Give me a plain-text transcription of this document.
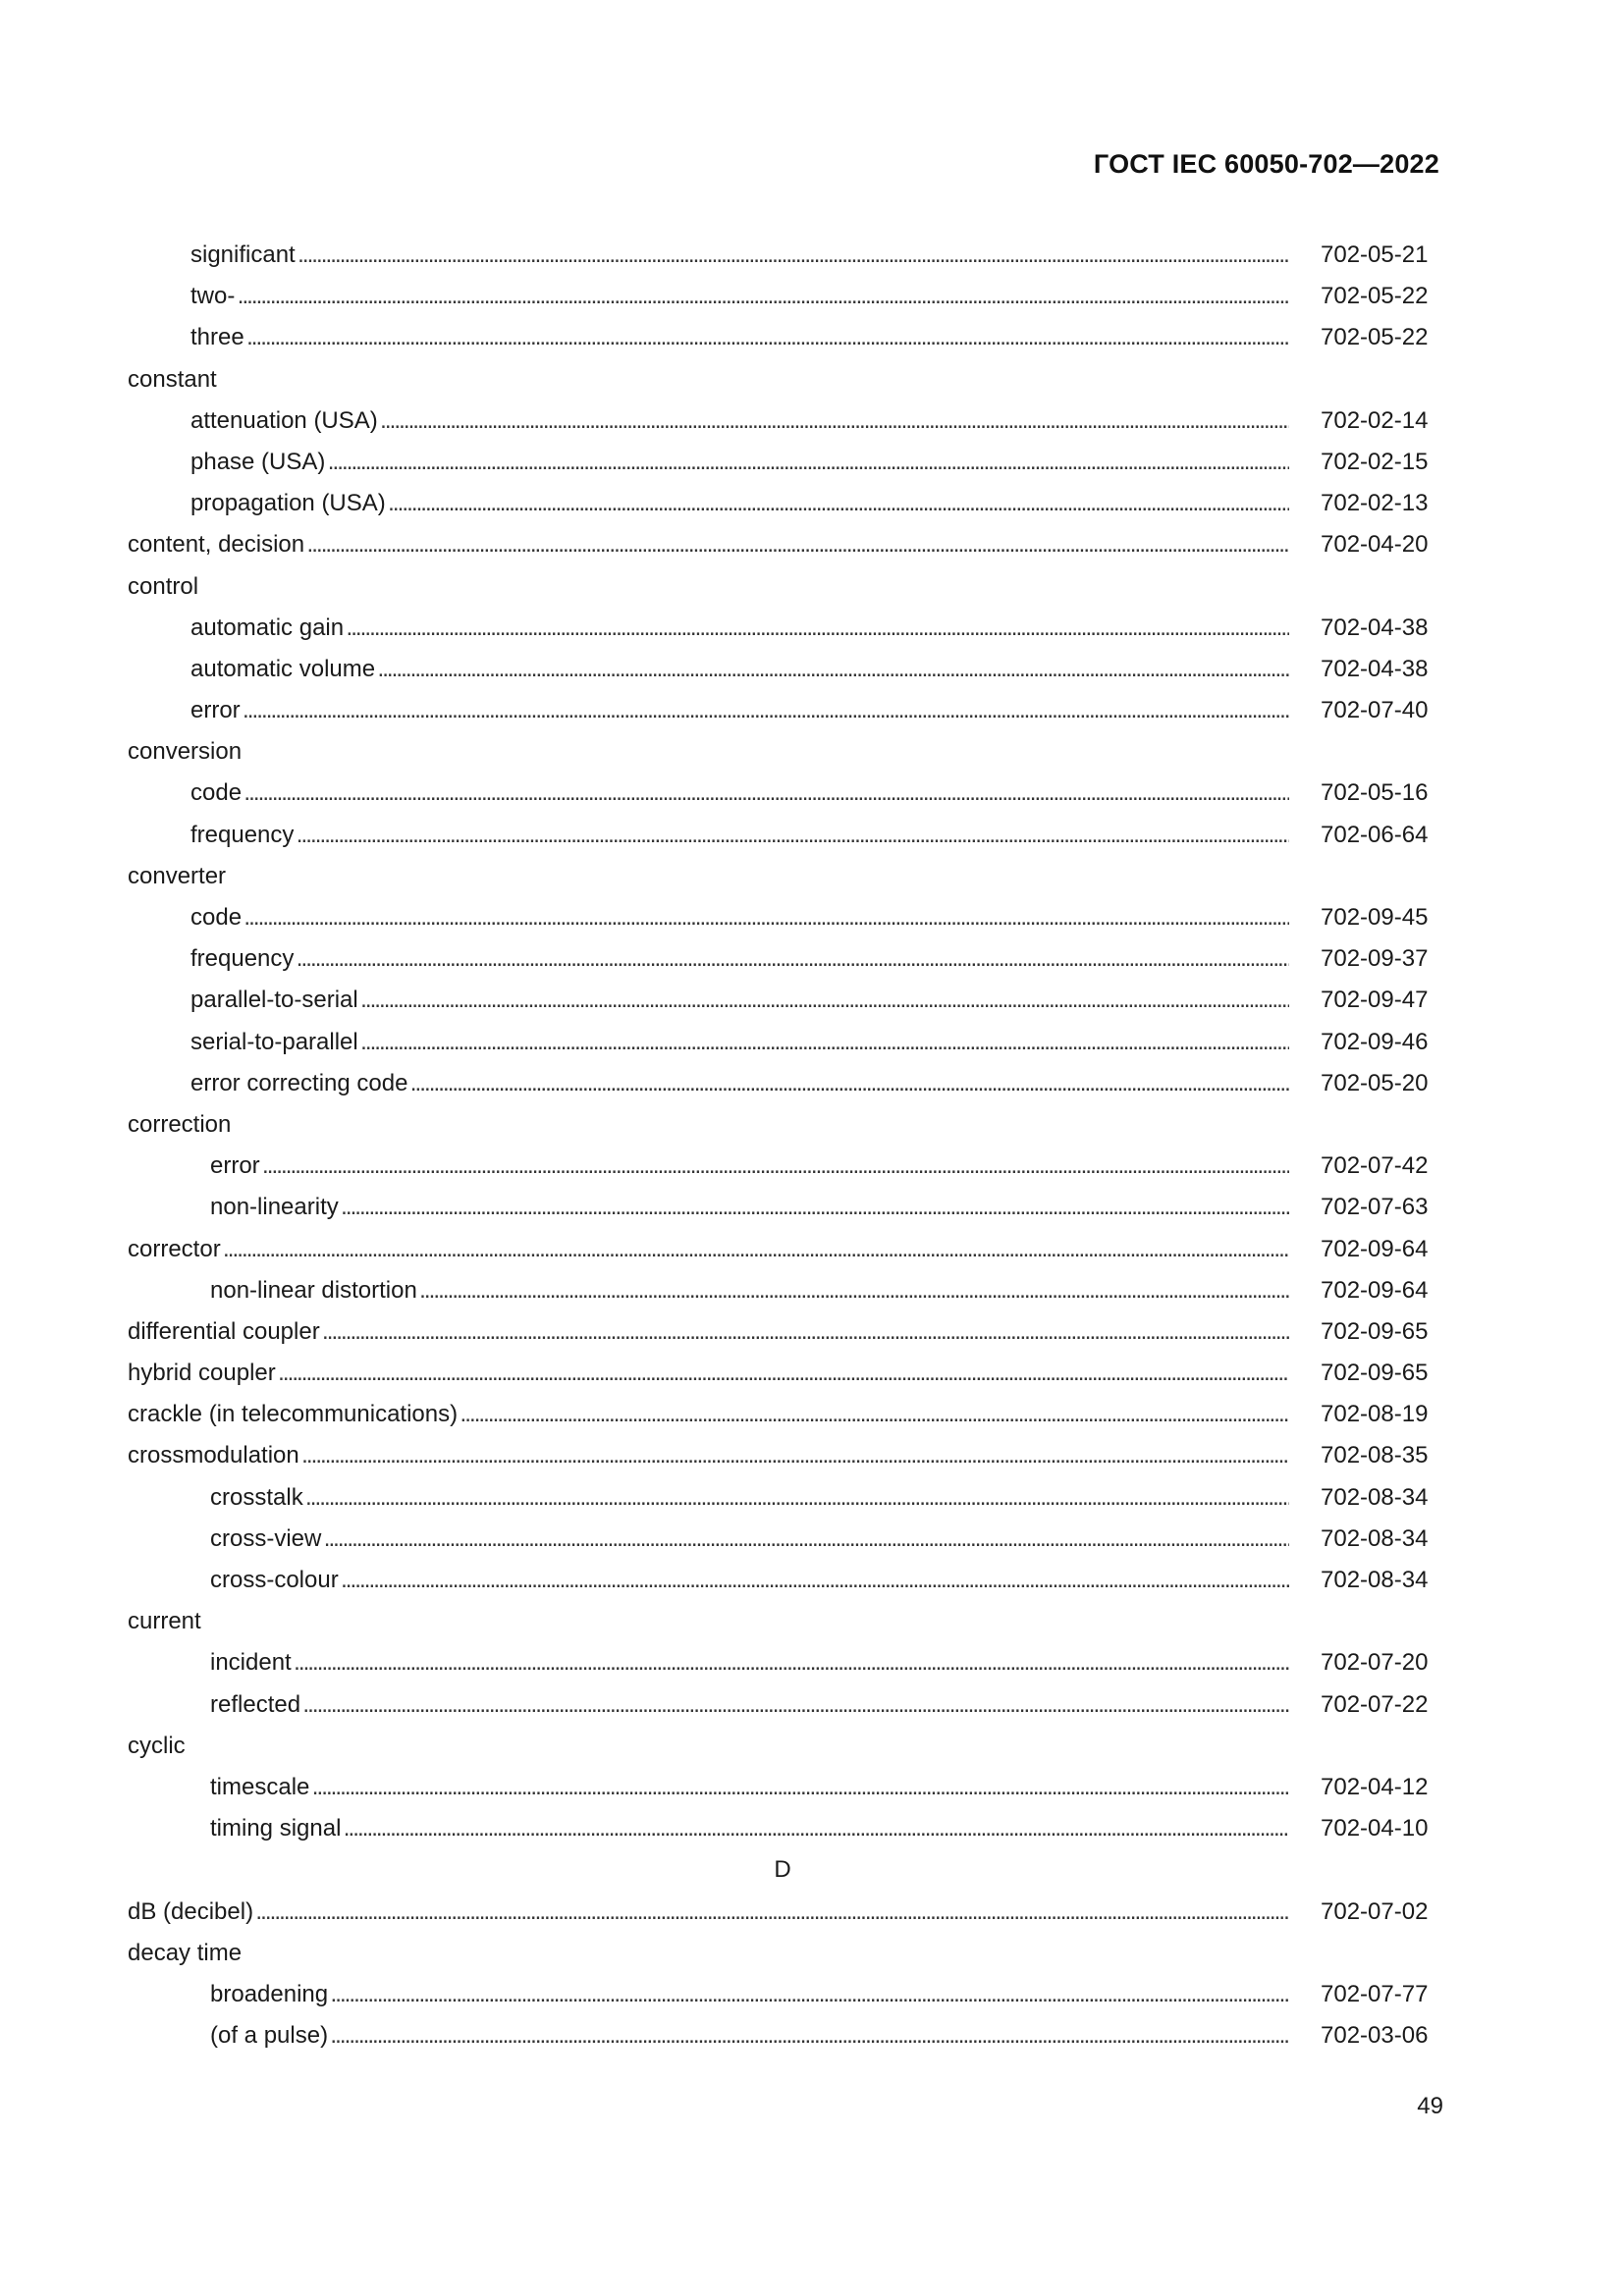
ГОСТ IEC 60050-702—2022
significant . . .	702-05-21
two- . . .	702-05-22
three . . .	702-05-22
constant
attenuation (USA) . . .	702-02-14
phase (USA) . . .	702-02-15
propagation (USA) . . .	702-02-13
content, decision . . .	702-04-20
control
automatic gain . . .	702-04-38
automatic volume . . .	702-04-38
error . . .	702-07-40
conversion
code . . .	702-05-16
frequency . . .	702-06-64
converter
code . . .	702-09-45
frequency . . .	702-09-37
parallel-to-serial . . .	702-09-47
serial-to-parallel . . .	702-09-46
error correcting code . . .	702-05-20
correction
error . . .	702-07-42
non-linearity . . .	702-07-63
corrector . . .	702-09-64
non-linear distortion . . .	702-09-64
differential coupler . . .	702-09-65
hybrid coupler . . .	702-09-65
crackle (in telecommunications) . . .	702-08-19
crossmodulation . . .	702-08-35
crosstalk . . .	702-08-34
cross-view . . .	702-08-34
cross-colour . . .	702-08-34
current
incident . . .	702-07-20
reflected . . .	702-07-22
cyclic
timescale . . .	702-04-12
timing signal . . .	702-04-10
D
dB (decibel) . . .	702-07-02
decay time
broadening . . .	702-07-77
(of a pulse) . . .	702-03-06
49
